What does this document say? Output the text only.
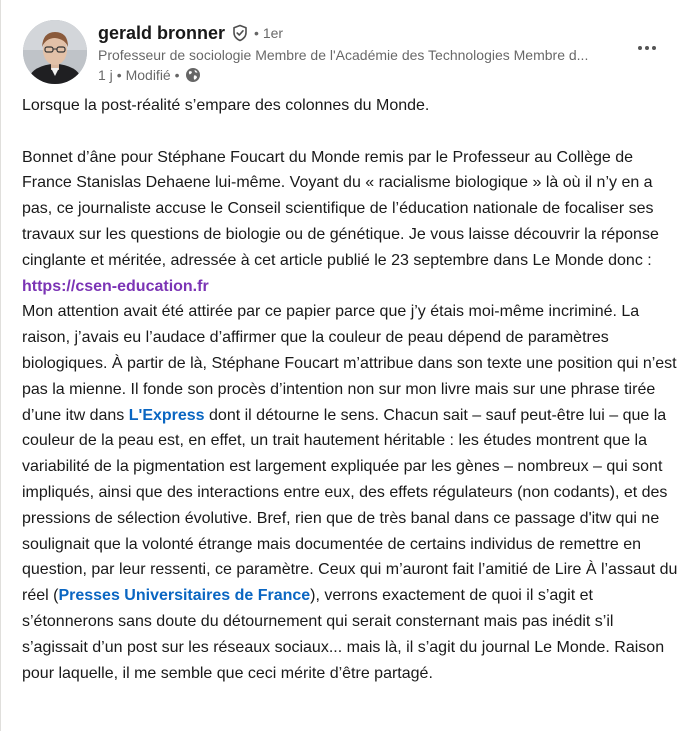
gerald bronner • 1er
Professeur de sociologie Membre de l'Académie des Technologies Membre d...
1 j • Modifié •

Lorsque la post-réalité s’empare des colonnes du Monde.

Bonnet d’âne pour Stéphane Foucart du Monde remis par le Professeur au Collège de France Stanislas Dehaene lui-même. Voyant du « racialisme biologique » là où il n’y en a pas, ce journaliste accuse le Conseil scientifique de l’éducation nationale de focaliser ses travaux sur les questions de biologie ou de génétique. Je vous laisse découvrir la réponse cinglante et méritée, adressée à cet article publié le 23 septembre dans Le Monde donc :

https://csen-education.fr

Mon attention avait été attirée par ce papier parce que j’y étais moi-même incriminé. La raison, j’avais eu l’audace d’affirmer que la couleur de peau dépend de paramètres biologiques. À partir de là, Stéphane Foucart m’attribue dans son texte une position qui n’est pas la mienne. Il fonde son procès d’intention non sur mon livre mais sur une phrase tirée d’une itw dans L'Express dont il détourne le sens. Chacun sait – sauf peut-être lui – que la couleur de la peau est, en effet, un trait hautement héritable : les études montrent que la variabilité de la pigmentation est largement expliquée par les gènes – nombreux – qui sont impliqués, ainsi que des interactions entre eux, des effets régulateurs (non codants), et des pressions de sélection évolutive. Bref, rien que de très banal dans ce passage d'itw qui ne soulignait que la volonté étrange mais documentée de certains individus de remettre en question, par leur ressenti, ce paramètre. Ceux qui m’auront fait l’amitié de Lire À l’assaut du réel (Presses Universitaires de France), verrons exactement de quoi il s’agit et s’étonnerons sans doute du détournement qui serait consternant mais pas inédit s’il s’agissait d’un post sur les réseaux sociaux... mais là, il s’agit du journal Le Monde. Raison pour laquelle, il me semble que ceci mérite d’être partagé.
